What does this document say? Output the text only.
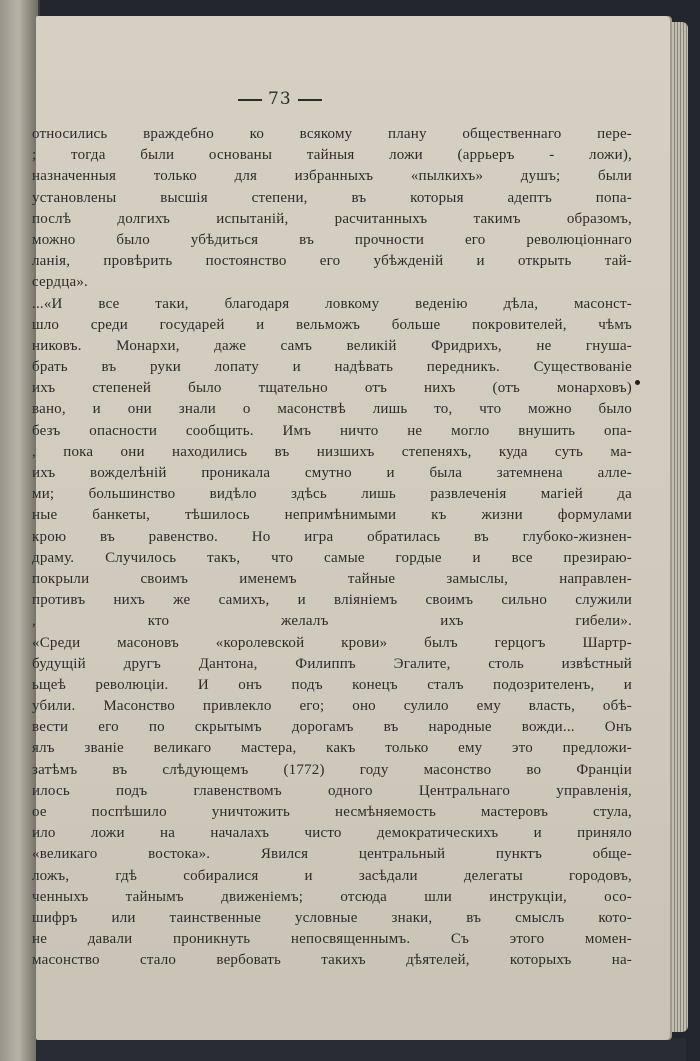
73
относились враждебно ко всякому плану общественнаго пере-
; тогда были основаны тайныя ложи (аррьеръ - ложи),
назначенныя только для избранныхъ «пылкихъ» душъ; были
установлены высшія степени, въ которыя адептъ попа-
послѣ долгихъ испытаній, расчитанныхъ такимъ образомъ,
можно было убѣдиться въ прочности его революціоннаго
ланія, провѣрить постоянство его убѣжденій и открыть тай-
сердца».
...«И все таки, благодаря ловкому веденію дѣла, масонст-
шло среди государей и вельможъ больше покровителей, чѣмъ
никовъ. Монархи, даже самъ великій Фридрихъ, не гнуша-
брать въ руки лопату и надѣвать передникъ. Существованіе
ихъ степеней было тщательно отъ нихъ (отъ монарховъ)
вано, и они знали о масонствѣ лишь то, что можно было
безъ опасности сообщить. Имъ ничто не могло внушить опа-
, пока они находились въ низшихъ степеняхъ, куда суть ма-
ихъ вожделѣній проникала смутно и была затемнена алле-
ми; большинство видѣло здѣсь лишь развлеченія магіей да
ные банкеты, тѣшилось непримѣнимыми къ жизни формулами
крою въ равенство. Но игра обратилась въ глубоко-жизнен-
драму. Случилось такъ, что самые гордые и все презираю-
покрыли своимъ именемъ тайные замыслы, направлен-
противъ нихъ же самихъ, и вліяніемъ своимъ сильно служили
, кто желалъ ихъ гибели».
«Среди масоновъ «королевской крови» былъ герцогъ Шартр-
будущій другъ Дантона, Филиппъ Эгалите, столь извѣстный
ьщеѣ революціи. И онъ подъ конецъ сталъ подозрителенъ, и
убили. Масонство привлекло его; оно сулило ему власть, обѣ-
вести его по скрытымъ дорогамъ въ народные вожди... Онъ
ялъ званіе великаго мастера, какъ только ему это предложи-
затѣмъ въ слѣдующемъ (1772) году масонство во Франціи
илось подъ главенствомъ одного Центральнаго управленія,
ое поспѣшило уничтожить несмѣняемость мастеровъ стула,
ило ложи на началахъ чисто демократическихъ и приняло
«великаго востока». Явился центральный пунктъ обще-
ложъ, гдѣ собиралися и засѣдали делегаты городовъ,
ченныхъ тайнымъ движеніемъ; отсюда шли инструкціи, осо-
шифръ или таинственные условные знаки, въ смыслъ кото-
не давали проникнуть непосвященнымъ. Съ этого момен-
масонство стало вербовать такихъ дѣятелей, которыхъ на-
